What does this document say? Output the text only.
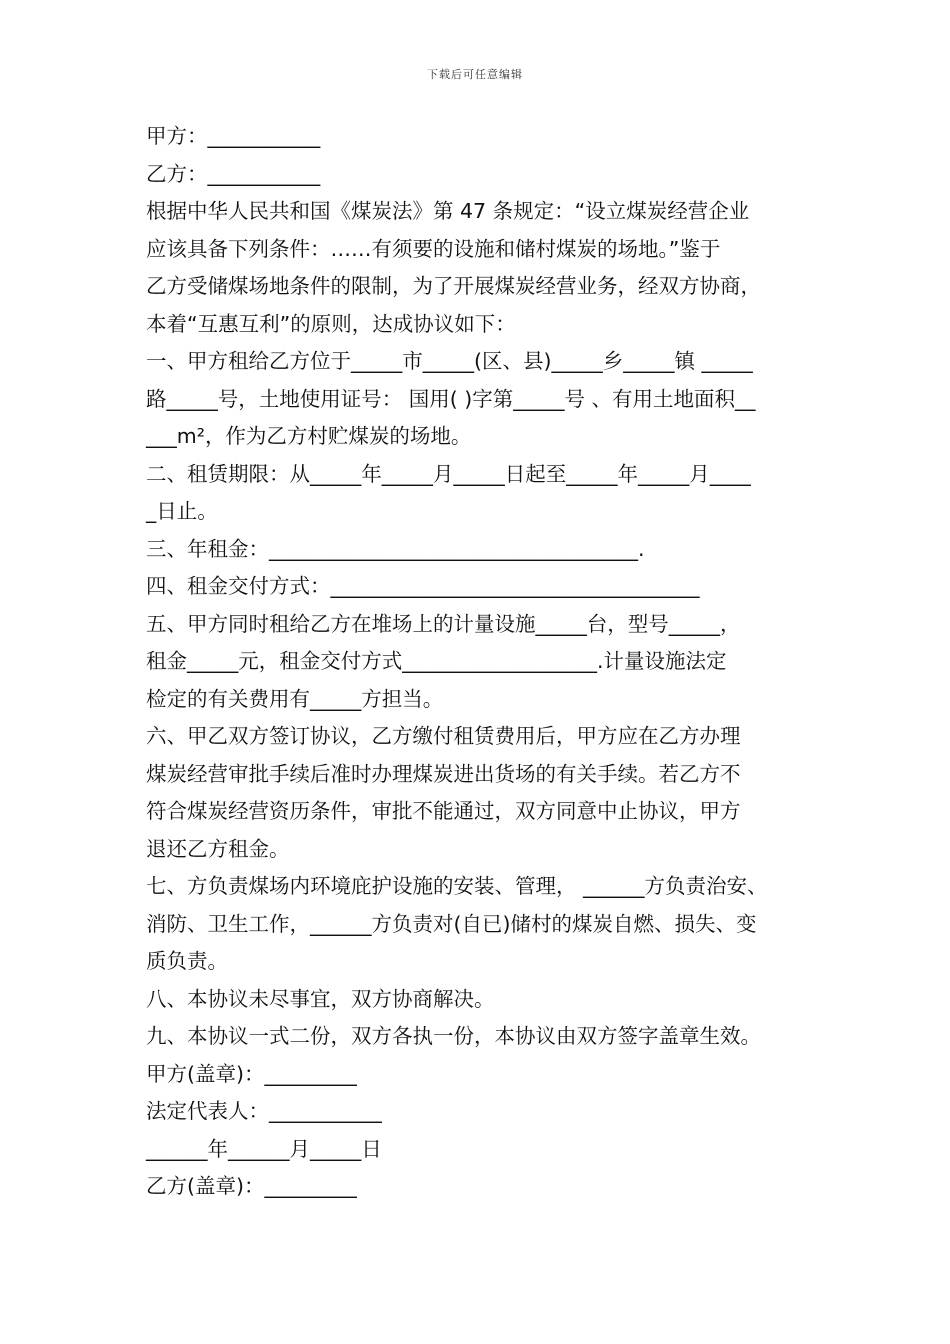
下载后可任意编辑
甲方：___________
乙方：___________
根据中华人民共和国《煤炭法》第 47 条规定：“设立煤炭经营企业
应该具备下列条件：……有须要的设施和储村煤炭的场地。”鉴于
乙方受储煤场地条件的限制，为了开展煤炭经营业务，经双方协商，
本着“互惠互利”的原则，达成协议如下：
一、甲方租给乙方位于_____市_____(区、县)_____乡_____镇 _____
路_____号，土地使用证号： 国用( )字第_____号 、有用土地面积__
___m²，作为乙方村贮煤炭的场地。
二、租赁期限：从_____年_____月_____日起至_____年_____月____
_日止。
三、年租金：____________________________________.
四、租金交付方式：____________________________________
五、甲方同时租给乙方在堆场上的计量设施_____台，型号_____，
租金_____元，租金交付方式___________________.计量设施法定
检定的有关费用有_____方担当。
六、甲乙双方签订协议，乙方缴付租赁费用后，甲方应在乙方办理
煤炭经营审批手续后准时办理煤炭进出货场的有关手续。若乙方不
符合煤炭经营资历条件，审批不能通过，双方同意中止协议，甲方
退还乙方租金。
七、方负责煤场内环境庇护设施的安装、管理， ______方负责治安、
消防、卫生工作，______方负责对(自已)储村的煤炭自燃、损失、变
质负责。
八、本协议未尽事宜，双方协商解决。
九、本协议一式二份，双方各执一份，本协议由双方签字盖章生效。
甲方(盖章)：_________
法定代表人：___________
______年______月_____日
乙方(盖章)：_________
